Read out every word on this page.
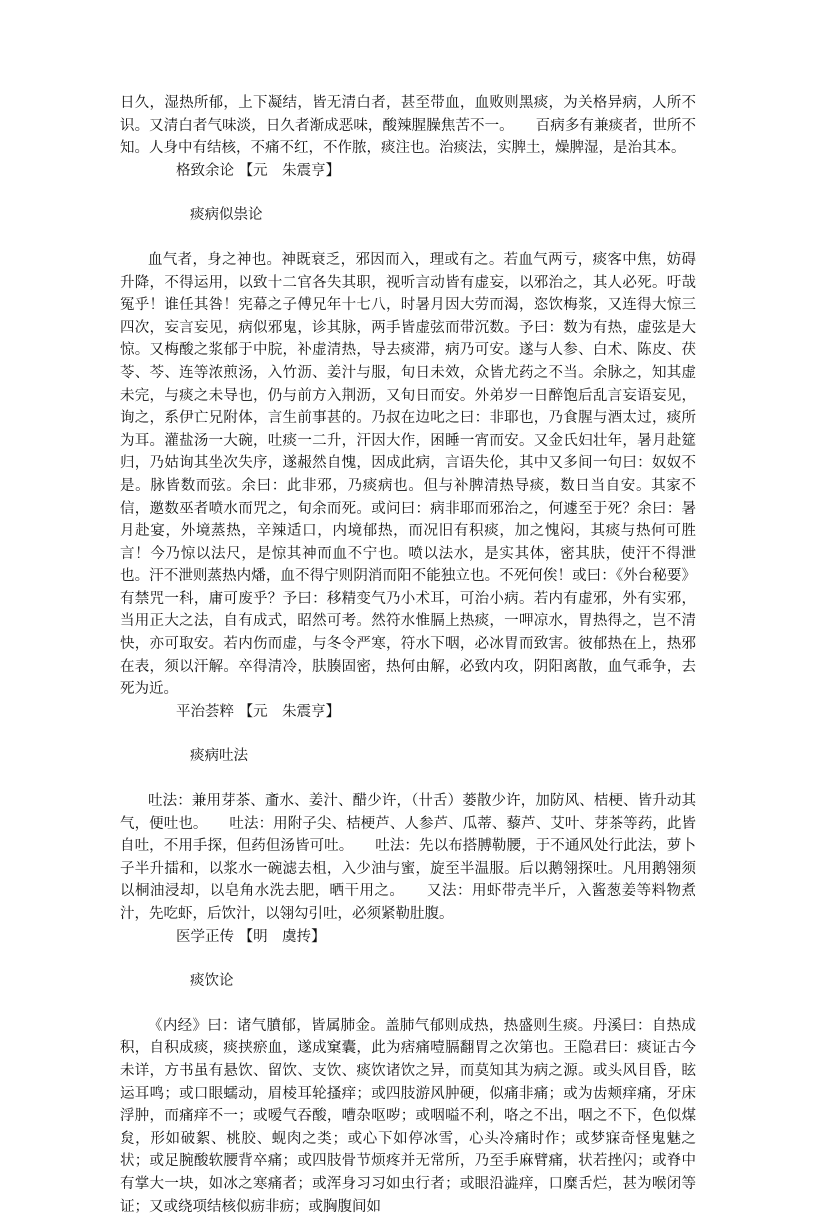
日久，湿热所郁，上下凝结，皆无清白者，甚至带血，血败则黑痰，为关格异病，人所不识。又清白者气味淡，日久者渐成恶味，酸辣腥臊焦苦不一。　　百病多有兼痰者，世所不知。人身中有结核，不痛不红，不作脓，痰注也。治痰法，实脾土，燥脾湿，是治其本。

格致余论 【元　朱震亨】

痰病似祟论

血气者，身之神也。神既衰乏，邪因而入，理或有之。若血气两亏，痰客中焦，妨碍升降，不得运用，以致十二官各失其职，视听言动皆有虚妄，以邪治之，其人必死。吁哉冤乎！谁任其咎！宪幕之子傅兄年十七八，时暑月因大劳而渴，恣饮梅浆，又连得大惊三四次，妄言妄见，病似邪鬼，诊其脉，两手皆虚弦而带沉数。予曰：数为有热，虚弦是大惊。又梅酸之浆郁于中脘，补虚清热，导去痰滞，病乃可安。遂与人参、白术、陈皮、茯苓、芩、连等浓煎汤，入竹沥、姜汁与服，旬日未效，众皆尤药之不当。余脉之，知其虚未完，与痰之未导也，仍与前方入荆沥，又旬日而安。外弟岁一日醉饱后乱言妄语妄见，询之，系伊亡兄附体，言生前事甚的。乃叔在边叱之曰：非耶也，乃食腥与酒太过，痰所为耳。灌盐汤一大碗，吐痰一二升，汗因大作，困睡一宵而安。又金氏妇壮年，暑月赴筵归，乃姑询其坐次失序，遂赧然自愧，因成此病，言语失伦，其中又多间一句曰：奴奴不是。脉皆数而弦。余曰：此非邪，乃痰病也。但与补脾清热导痰，数日当自安。其家不信，邀数巫者喷水而咒之，旬余而死。或问曰：病非耶而邪治之，何遽至于死？余曰：暑月赴宴，外境蒸热，辛辣适口，内境郁热，而况旧有积痰，加之愧闷，其痰与热何可胜言！今乃惊以法尺，是惊其神而血不宁也。喷以法水，是实其体，密其肤，使汗不得泄也。汗不泄则蒸热内燔，血不得宁则阴消而阳不能独立也。不死何俟！或曰：《外台秘要》有禁咒一科，庸可废乎？予曰：移精变气乃小术耳，可治小病。若内有虚邪，外有实邪，当用正大之法，自有成式，昭然可考。然符水惟膈上热痰，一呷凉水，胃热得之，岂不清快，亦可取安。若内伤而虚，与冬令严寒，符水下咽，必冰胃而致害。彼郁热在上，热邪在表，须以汗解。卒得清冷，肤腠固密，热何由解，必致内攻，阴阳离散，血气乖争，去死为近。

平治荟粹 【元　朱震亨】

痰病吐法

吐法：兼用芽茶、齑水、姜汁、醋少许，（卄舌）蒌散少许，加防风、桔梗、皆升动其气，便吐也。　　吐法：用附子尖、桔梗芦、人参芦、瓜蒂、藜芦、艾叶、芽茶等药，此皆自吐，不用手探，但药但汤皆可吐。　　吐法：先以布搭膊勒腰，于不通风处行此法，萝卜子半升擂和，以浆水一碗滤去柤，入少油与蜜，旋至半温服。后以鹅翎探吐。凡用鹅翎须以桐油浸却，以皂角水洗去肥，晒干用之。　　又法：用虾带壳半斤，入酱葱姜等料物煮汁，先吃虾，后饮汁，以翎勾引吐，必须紧勒肚腹。

医学正传 【明　虞抟】

痰饮论

《内经》曰：诸气膹郁，皆属肺金。盖肺气郁则成热，热盛则生痰。丹溪曰：自热成积，自积成痰，痰挟瘀血，遂成窠囊，此为痞痛噎膈翻胃之次第也。王隐君曰：痰证古今未详，方书虽有悬饮、留饮、支饮、痰饮诸饮之异，而莫知其为病之源。或头风目昏，眩运耳鸣；或口眼蠕动，眉棱耳轮搔痒；或四肢游风肿硬，似痛非痛；或为齿颊痒痛，牙床浮肿，而痛痒不一；或嗳气吞酸，嘈杂呕哕；或咽嗌不利，咯之不出，咽之不下，色似煤炱，形如破絮、桃胶、蚬肉之类；或心下如停冰雪，心头冷痛时作；或梦寐奇怪鬼魅之状；或足腕酸软腰背卒痛；或四肢骨节烦疼并无常所，乃至手麻臂痛，状若挫闪；或脊中有掌大一块，如冰之寒痛者；或浑身习习如虫行者；或眼沿澁痒，口糜舌烂，甚为喉闭等证；又或绕项结核似疬非疬；或胸腹间如
